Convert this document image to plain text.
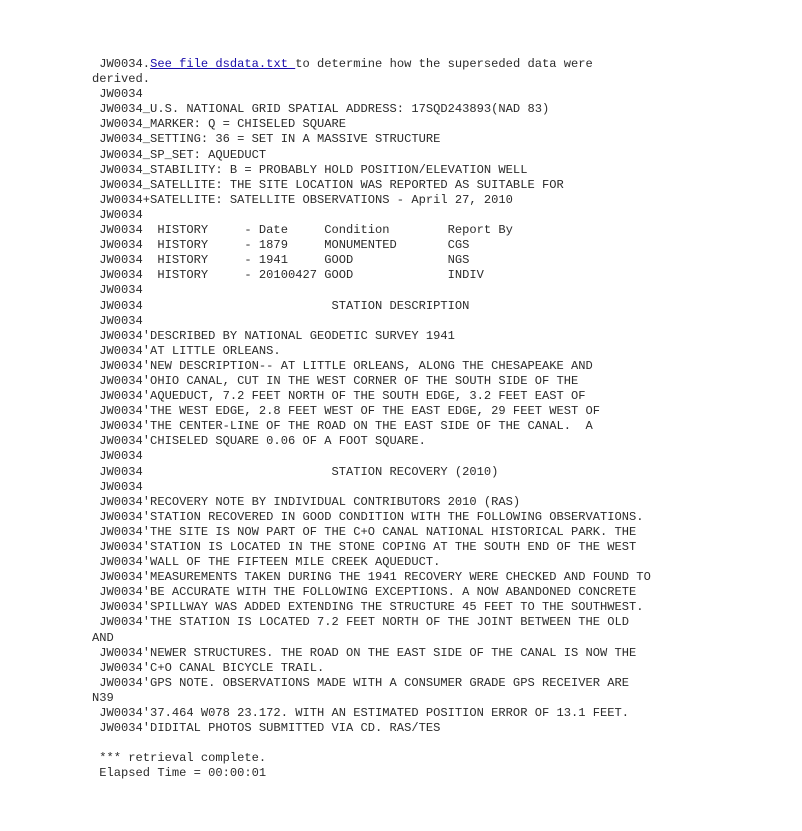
JW0034.See file dsdata.txt to determine how the superseded data were
derived.
JW0034
JW0034_U.S. NATIONAL GRID SPATIAL ADDRESS: 17SQD243893(NAD 83)
JW0034_MARKER: Q = CHISELED SQUARE
JW0034_SETTING: 36 = SET IN A MASSIVE STRUCTURE
JW0034_SP_SET: AQUEDUCT
JW0034_STABILITY: B = PROBABLY HOLD POSITION/ELEVATION WELL
JW0034_SATELLITE: THE SITE LOCATION WAS REPORTED AS SUITABLE FOR
JW0034+SATELLITE: SATELLITE OBSERVATIONS - April 27, 2010
JW0034
JW0034  HISTORY     - Date     Condition        Report By
JW0034  HISTORY     - 1879     MONUMENTED       CGS
JW0034  HISTORY     - 1941     GOOD             NGS
JW0034  HISTORY     - 20100427 GOOD             INDIV
JW0034
JW0034                          STATION DESCRIPTION
JW0034
JW0034'DESCRIBED BY NATIONAL GEODETIC SURVEY 1941
JW0034'AT LITTLE ORLEANS.
JW0034'NEW DESCRIPTION-- AT LITTLE ORLEANS, ALONG THE CHESAPEAKE AND
JW0034'OHIO CANAL, CUT IN THE WEST CORNER OF THE SOUTH SIDE OF THE
JW0034'AQUEDUCT, 7.2 FEET NORTH OF THE SOUTH EDGE, 3.2 FEET EAST OF
JW0034'THE WEST EDGE, 2.8 FEET WEST OF THE EAST EDGE, 29 FEET WEST OF
JW0034'THE CENTER-LINE OF THE ROAD ON THE EAST SIDE OF THE CANAL.  A
JW0034'CHISELED SQUARE 0.06 OF A FOOT SQUARE.
JW0034
JW0034                          STATION RECOVERY (2010)
JW0034
JW0034'RECOVERY NOTE BY INDIVIDUAL CONTRIBUTORS 2010 (RAS)
JW0034'STATION RECOVERED IN GOOD CONDITION WITH THE FOLLOWING OBSERVATIONS.
JW0034'THE SITE IS NOW PART OF THE C+O CANAL NATIONAL HISTORICAL PARK. THE
JW0034'STATION IS LOCATED IN THE STONE COPING AT THE SOUTH END OF THE WEST
JW0034'WALL OF THE FIFTEEN MILE CREEK AQUEDUCT.
JW0034'MEASUREMENTS TAKEN DURING THE 1941 RECOVERY WERE CHECKED AND FOUND TO
JW0034'BE ACCURATE WITH THE FOLLOWING EXCEPTIONS. A NOW ABANDONED CONCRETE
JW0034'SPILLWAY WAS ADDED EXTENDING THE STRUCTURE 45 FEET TO THE SOUTHWEST.
JW0034'THE STATION IS LOCATED 7.2 FEET NORTH OF THE JOINT BETWEEN THE OLD
AND
JW0034'NEWER STRUCTURES. THE ROAD ON THE EAST SIDE OF THE CANAL IS NOW THE
JW0034'C+O CANAL BICYCLE TRAIL.
JW0034'GPS NOTE. OBSERVATIONS MADE WITH A CONSUMER GRADE GPS RECEIVER ARE
N39
JW0034'37.464 W078 23.172. WITH AN ESTIMATED POSITION ERROR OF 13.1 FEET.
JW0034'DIDITAL PHOTOS SUBMITTED VIA CD. RAS/TES
*** retrieval complete.
Elapsed Time = 00:00:01
